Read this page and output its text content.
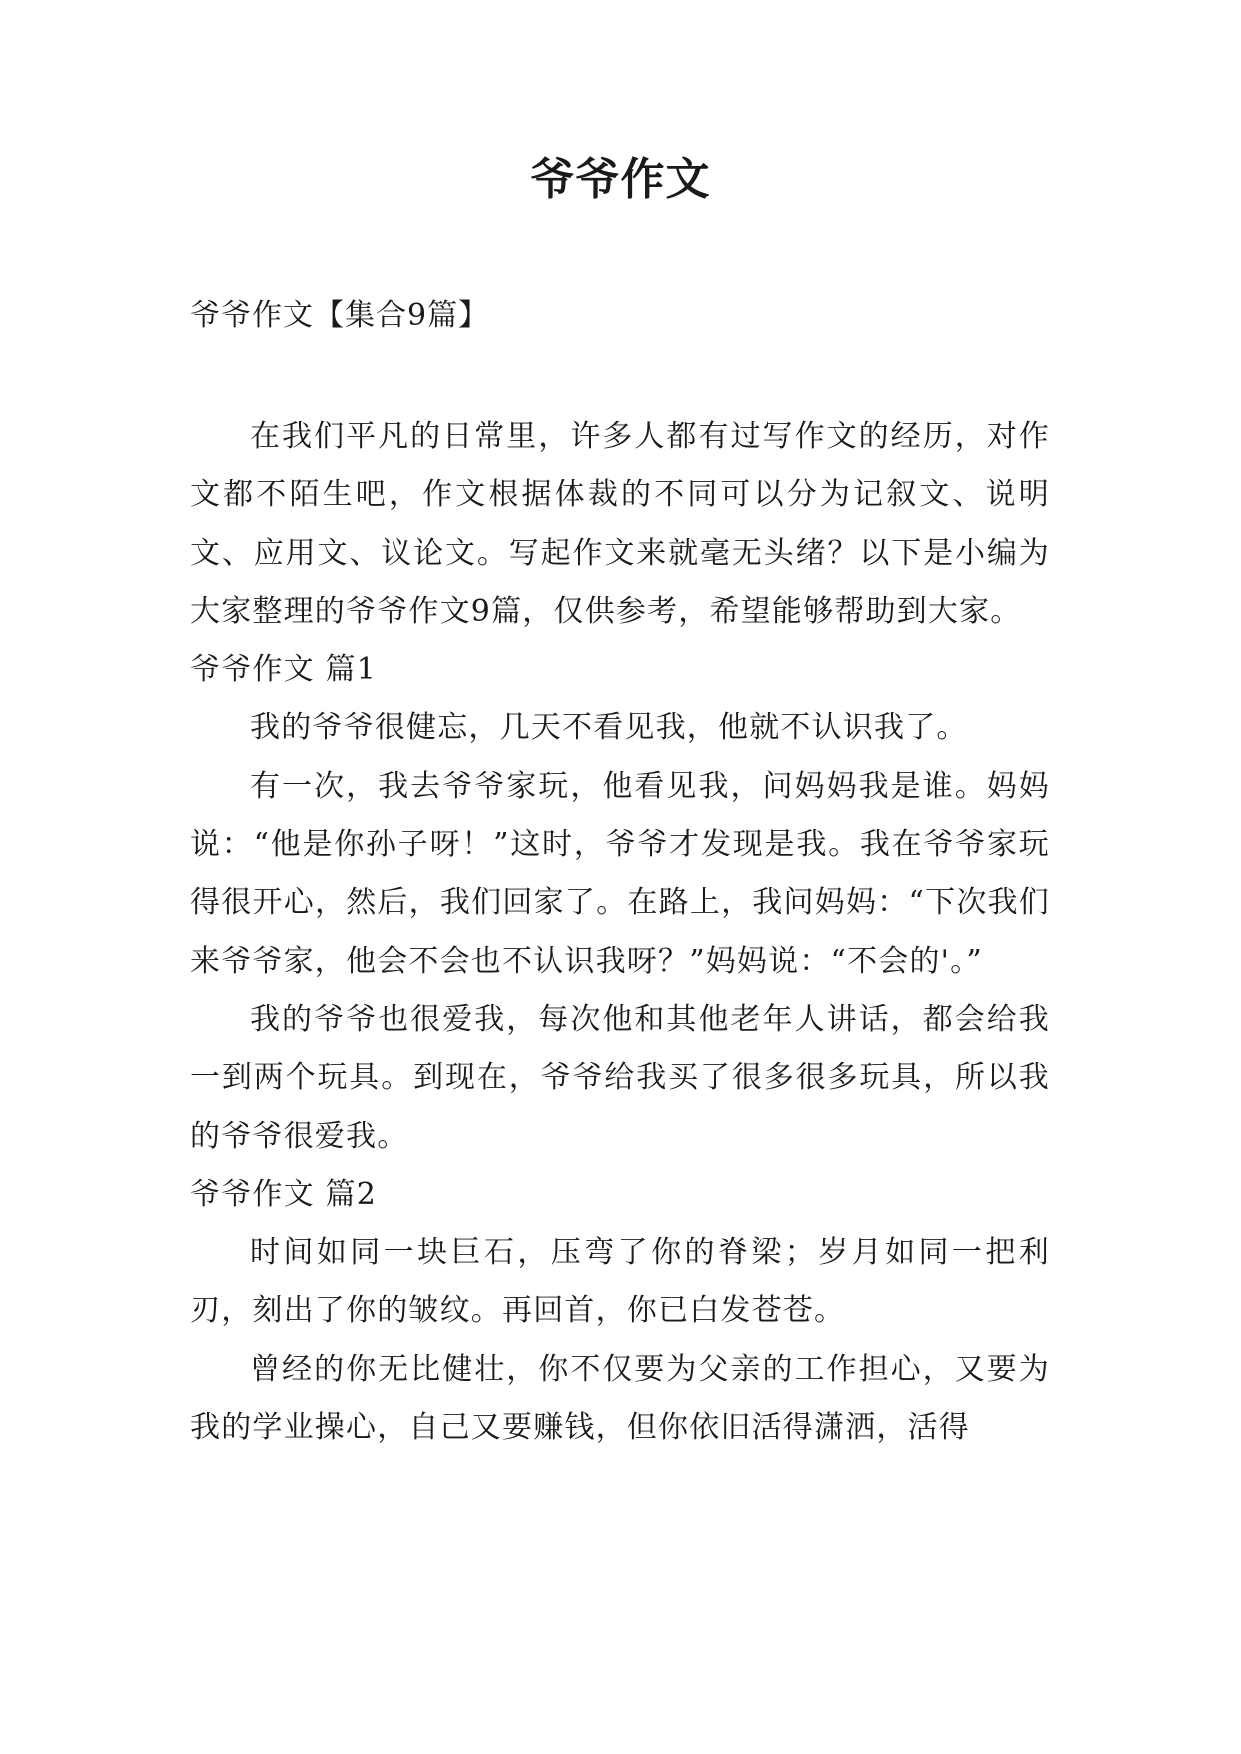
爷爷作文
爷爷作文【集合9篇】

在我们平凡的日常里，许多人都有过写作文的经历，对作文都不陌生吧，作文根据体裁的不同可以分为记叙文、说明文、应用文、议论文。写起作文来就毫无头绪？以下是小编为大家整理的爷爷作文9篇，仅供参考，希望能够帮助到大家。

爷爷作文 篇1

我的爷爷很健忘，几天不看见我，他就不认识我了。

有一次，我去爷爷家玩，他看见我，问妈妈我是谁。妈妈说：“他是你孙子呀！”这时，爷爷才发现是我。我在爷爷家玩得很开心，然后，我们回家了。在路上，我问妈妈：“下次我们来爷爷家，他会不会也不认识我呀？”妈妈说：“不会的'。”

我的爷爷也很爱我，每次他和其他老年人讲话，都会给我一到两个玩具。到现在，爷爷给我买了很多很多玩具，所以我的爷爷很爱我。

爷爷作文 篇2

时间如同一块巨石，压弯了你的脊梁；岁月如同一把利刃，刻出了你的皱纹。再回首，你已白发苍苍。

曾经的你无比健壮，你不仅要为父亲的工作担心，又要为我的学业操心，自己又要赚钱，但你依旧活得潇洒，活得
